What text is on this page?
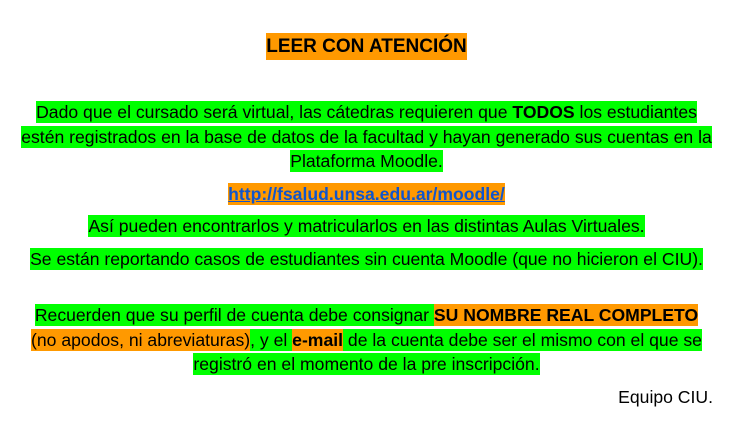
LEER CON ATENCIÓN
Dado que el cursado será virtual, las cátedras requieren que TODOS los estudiantes estén registrados en la base de datos de la facultad y hayan generado sus cuentas en la Plataforma Moodle.
http://fsalud.unsa.edu.ar/moodle/
Así pueden encontrarlos y matricularlos en las distintas Aulas Virtuales.
Se están reportando casos de estudiantes sin cuenta Moodle (que no hicieron el CIU).
Recuerden que su perfil de cuenta debe consignar SU NOMBRE REAL COMPLETO (no apodos, ni abreviaturas), y el e-mail de la cuenta debe ser el mismo con el que se registró en el momento de la pre inscripción.
Equipo CIU.
